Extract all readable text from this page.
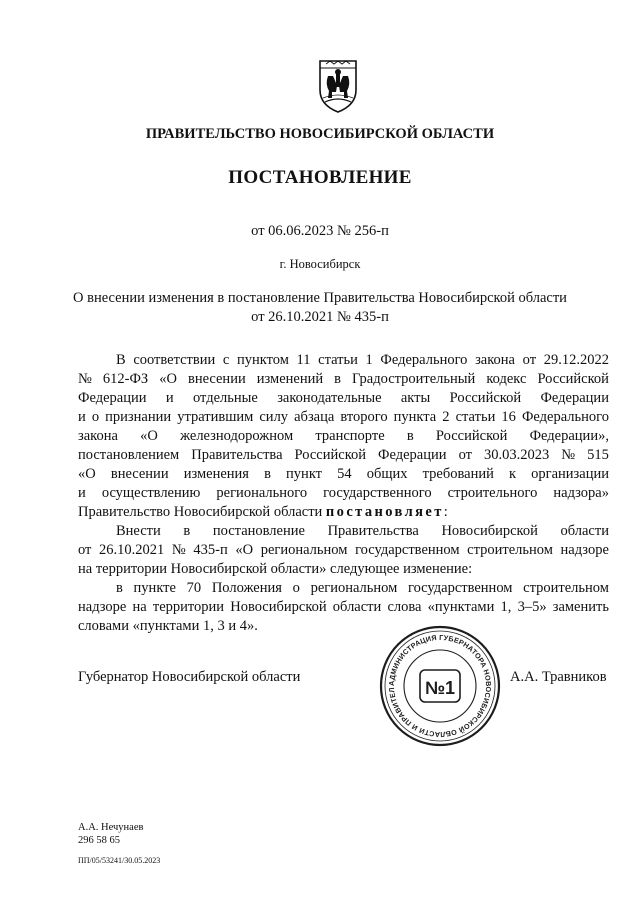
ПРАВИТЕЛЬСТВО НОВОСИБИРСКОЙ ОБЛАСТИ
ПОСТАНОВЛЕНИЕ
от 06.06.2023 № 256-п
г. Новосибирск
О внесении изменения в постановление Правительства Новосибирской области
от 26.10.2021 № 435-п
В соответствии с пунктом 11 статьи 1 Федерального закона от 29.12.2022
№ 612-ФЗ «О внесении изменений в Градостроительный кодекс Российской
Федерации и отдельные законодательные акты Российской Федерации
и о признании утратившим силу абзаца второго пункта 2 статьи 16 Федерального
закона «О железнодорожном транспорте в Российской Федерации»,
постановлением Правительства Российской Федерации от 30.03.2023 № 515
«О внесении изменения в пункт 54 общих требований к организации
и осуществлению регионального государственного строительного надзора»
Правительство Новосибирской области постановляет:
Внести в постановление Правительства Новосибирской области
от 26.10.2021 № 435-п «О региональном государственном строительном надзоре
на территории Новосибирской области» следующее изменение:
в пункте 70 Положения о региональном государственном строительном
надзоре на территории Новосибирской области слова «пунктами 1, 3–5» заменить
словами «пунктами 1, 3 и 4».
Губернатор Новосибирской области	А.А. Травников
АДМИНИСТРАЦИЯ ГУБЕРНАТОРА НОВОСИБИРСКОЙ ОБЛАСТИ И ПРАВИТЕЛ	№1
А.А. Нечунаев
296 58 65
ПП/05/53241/30.05.2023
